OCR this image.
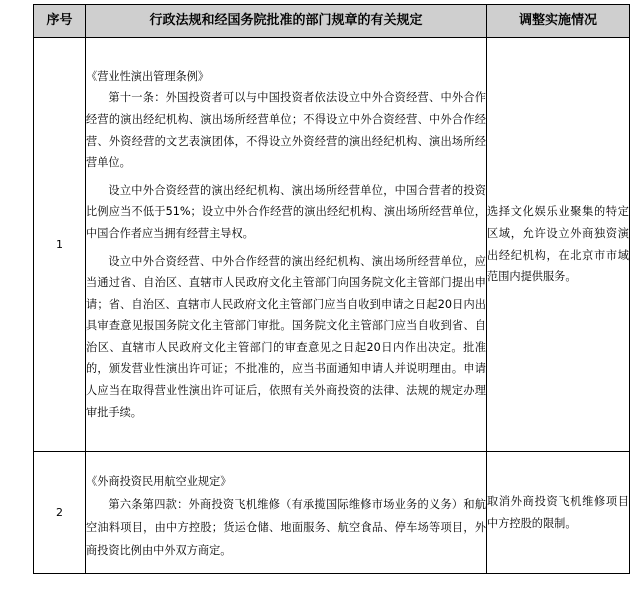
序号	行政法规和经国务院批准的部门规章的有关规定	调整实施情况
1	《营业性演出管理条例》

第十一条：外国投资者可以与中国投资者依法设立中外合资经营、中外合作经营的演出经纪机构、演出场所经营单位；不得设立中外合资经营、中外合作经营、外资经营的文艺表演团体，不得设立外资经营的演出经纪机构、演出场所经营单位。

设立中外合资经营的演出经纪机构、演出场所经营单位，中国合营者的投资比例应当不低于51%；设立中外合作经营的演出经纪机构、演出场所经营单位，中国合作者应当拥有经营主导权。

设立中外合资经营、中外合作经营的演出经纪机构、演出场所经营单位，应当通过省、自治区、直辖市人民政府文化主管部门向国务院文化主管部门提出申请；省、自治区、直辖市人民政府文化主管部门应当自收到申请之日起20日内出具审查意见报国务院文化主管部门审批。国务院文化主管部门应当自收到省、自治区、直辖市人民政府文化主管部门的审查意见之日起20日内作出决定。批准的，颁发营业性演出许可证；不批准的，应当书面通知申请人并说明理由。申请人应当在取得营业性演出许可证后，依照有关外商投资的法律、法规的规定办理审批手续。	选择文化娱乐业聚集的特定区域，允许设立外商独资演出经纪机构，在北京市市域范围内提供服务。
2	《外商投资民用航空业规定》

第六条第四款：外商投资飞机维修（有承揽国际维修市场业务的义务）和航空油料项目，由中方控股；货运仓储、地面服务、航空食品、停车场等项目，外商投资比例由中外双方商定。	取消外商投资飞机维修项目中方控股的限制。
